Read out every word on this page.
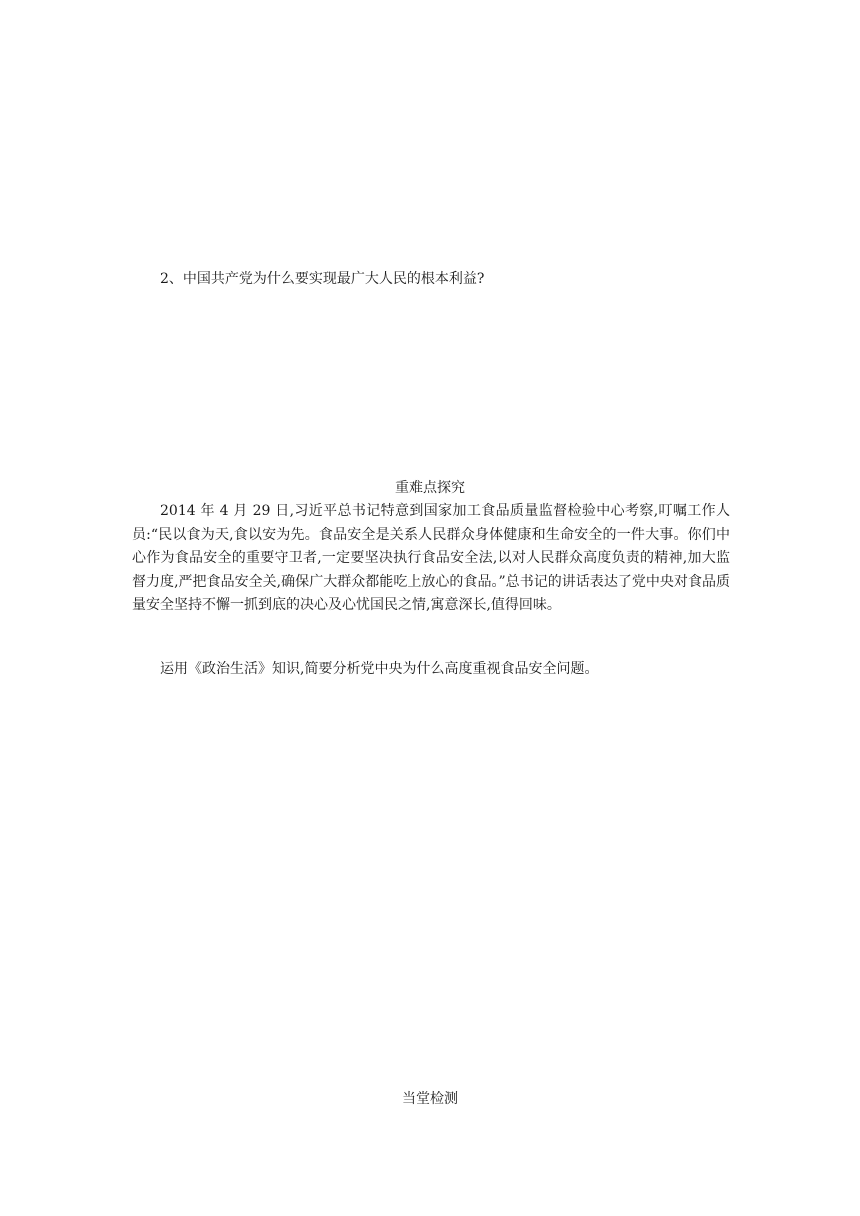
2、中国共产党为什么要实现最广大人民的根本利益?
重难点探究

2014 年 4 月 29 日,习近平总书记特意到国家加工食品质量监督检验中心考察,叮嘱工作人员:“民以食为天,食以安为先。食品安全是关系人民群众身体健康和生命安全的一件大事。你们中心作为食品安全的重要守卫者,一定要坚决执行食品安全法,以对人民群众高度负责的精神,加大监督力度,严把食品安全关,确保广大群众都能吃上放心的食品。”总书记的讲话表达了党中央对食品质量安全坚持不懈一抓到底的决心及心忧国民之情,寓意深长,值得回味。

运用《政治生活》知识,简要分析党中央为什么高度重视食品安全问题。
当堂检测
